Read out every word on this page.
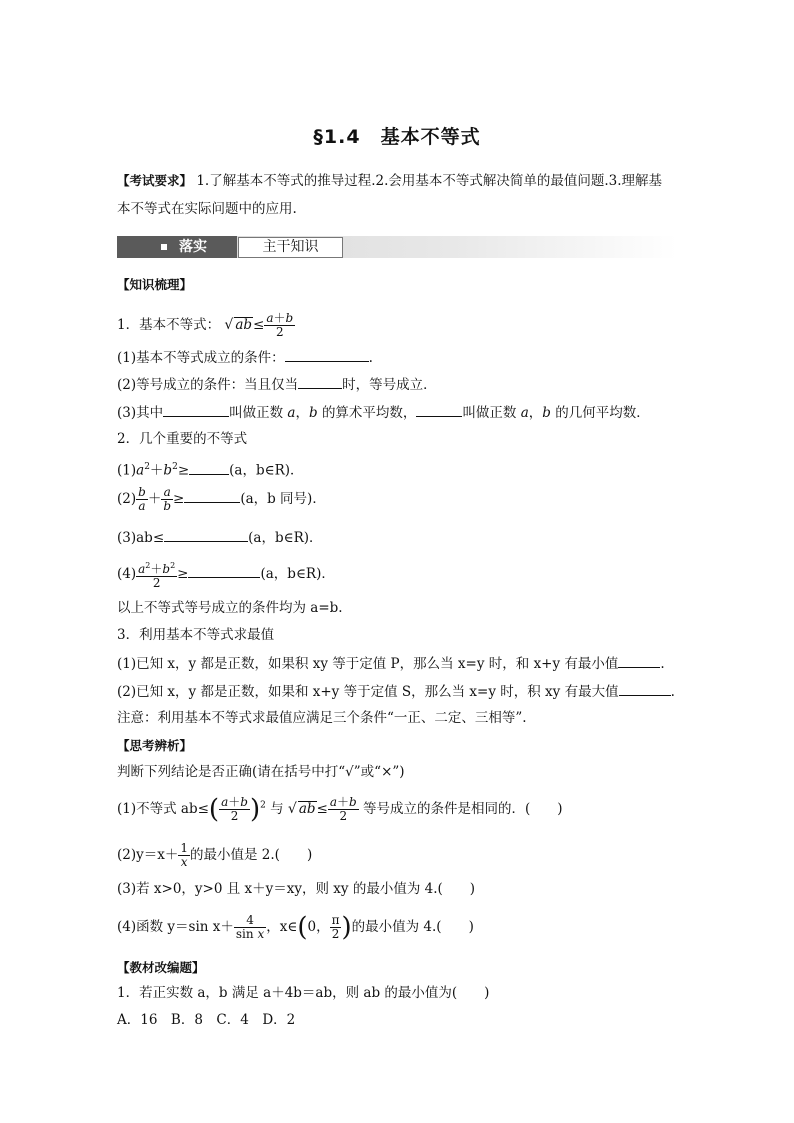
§1.4　基本不等式
【考试要求】 1.了解基本不等式的推导过程.2.会用基本不等式解决简单的最值问题.3.理解基
本不等式在实际问题中的应用.
落实	主干知识
【知识梳理】
1．基本不等式： √ $ab\le \frac{a+b}{2}$
(1)基本不等式成立的条件：	.
(2)等号成立的条件：当且仅当	时，等号成立．
(3)其中	叫做正数 a，b 的算术平均数，	叫做正数 a，b 的几何平均数．
2．几个重要的不等式
$(1)a^2+b^2\ge$	(a，b∈R)．
$(2) \frac{b}{a} + \frac{a}{b}$ ≥	(a，b 同号)．
(3)ab≤	(a，b∈R)．
$(4) \frac{a^2+b^2}{2}$ ≥	(a，b∈R)．
以上不等式等号成立的条件均为 a=b.
3．利用基本不等式求最值
(1)已知 x，y 都是正数，如果积 xy 等于定值 P，那么当 x=y 时，和 x+y 有最小值	.
(2)已知 x，y 都是正数，如果和 x+y 等于定值 S，那么当 x=y 时，积 xy 有最大值	.
注意：利用基本不等式求最值应满足三个条件“一正、二定、三相等”.
【思考辨析】
判断下列结论是否正确(请在括号中打“√”或“×”)
(1)不等式 $ab\le( \frac{a+b}{2} )^2$ 与 √ $ab\le \frac{a+b}{2}$ 等号成立的条件是相同的．(　　)
$(2)y=x+ \frac{1}{x}$ 的最小值是 2.(　　)
(3)若 x>0，y>0 且 x＋y＝xy，则 xy 的最小值为 4.(　　)
(4)函数 y＝sin $x+ \frac{4}{\text{sin x}}$ ，x∈(0， $\frac{\pi}{2}$ )的最小值为 4.(　　)
【教材改编题】
1．若正实数 a，b 满足 a＋4b＝ab，则 ab 的最小值为(　　)
A．16　B．8　C．4　D．2
